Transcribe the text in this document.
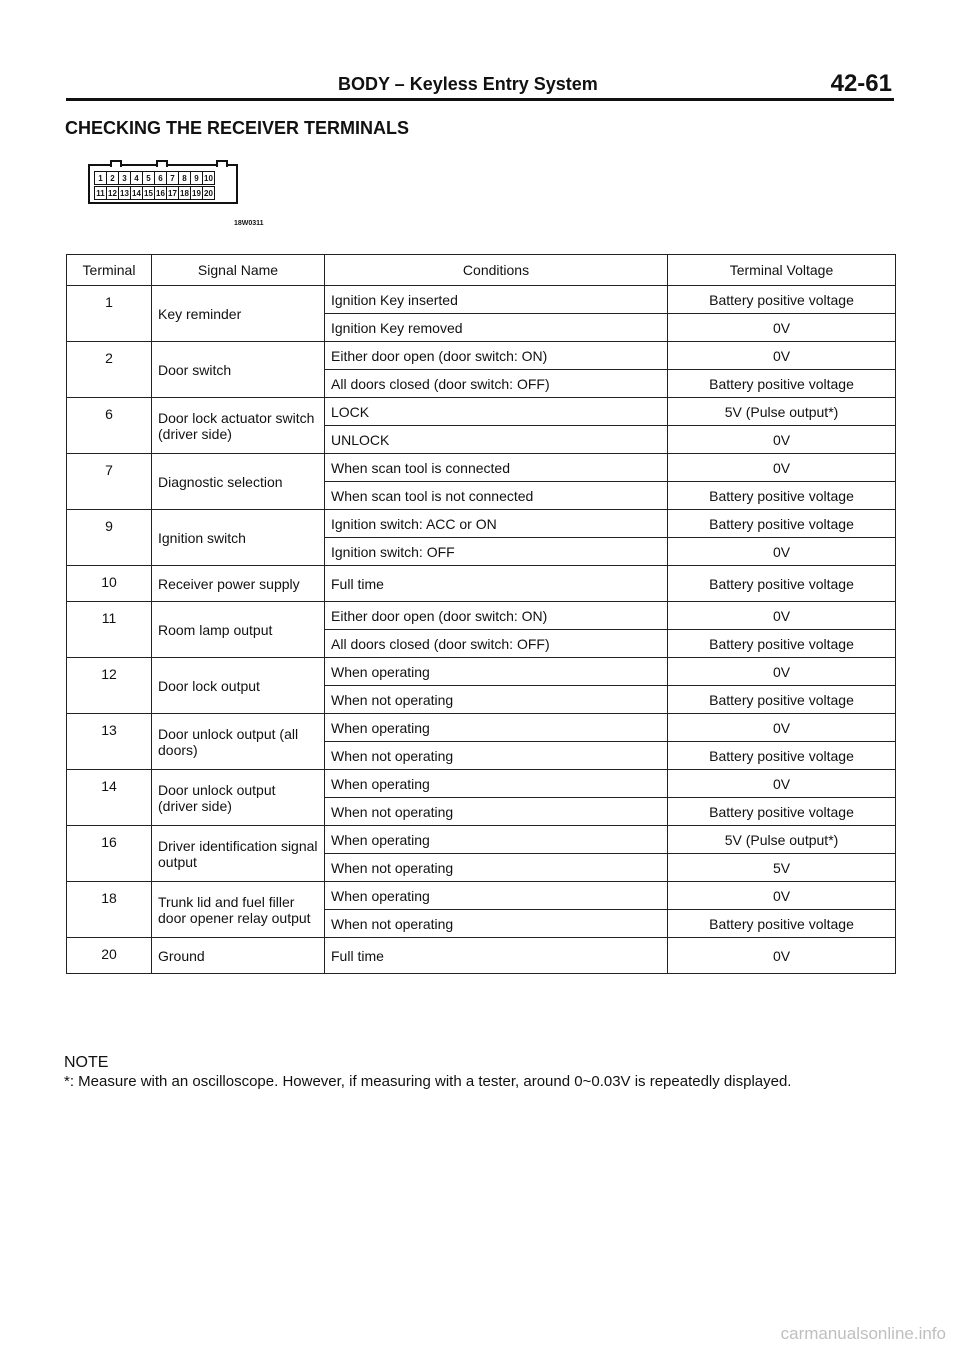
BODY – Keyless Entry System	42-61
CHECKING THE RECEIVER TERMINALS
1 2 3 4 5 6 7 8 9 10
11 12 13 14 15 16 17 18 19 20
18W0311
Terminal	Signal Name	Conditions	Terminal Voltage
1	Key reminder	Ignition Key inserted	Battery positive voltage
		Ignition Key removed	0V
2	Door switch	Either door open (door switch: ON)	0V
		All doors closed (door switch: OFF)	Battery positive voltage
6	Door lock actuator switch (driver side)	LOCK	5V (Pulse output*)
		UNLOCK	0V
7	Diagnostic selection	When scan tool is connected	0V
		When scan tool is not connected	Battery positive voltage
9	Ignition switch	Ignition switch: ACC or ON	Battery positive voltage
		Ignition switch: OFF	0V
10	Receiver power supply	Full time	Battery positive voltage
11	Room lamp output	Either door open (door switch: ON)	0V
		All doors closed (door switch: OFF)	Battery positive voltage
12	Door lock output	When operating	0V
		When not operating	Battery positive voltage
13	Door unlock output (all doors)	When operating	0V
		When not operating	Battery positive voltage
14	Door unlock output (driver side)	When operating	0V
		When not operating	Battery positive voltage
16	Driver identification signal output	When operating	5V (Pulse output*)
		When not operating	5V
18	Trunk lid and fuel filler door opener relay output	When operating	0V
		When not operating	Battery positive voltage
20	Ground	Full time	0V
NOTE
*: Measure with an oscilloscope. However, if measuring with a tester, around 0~0.03V is repeatedly displayed.
carmanualsonline.info
